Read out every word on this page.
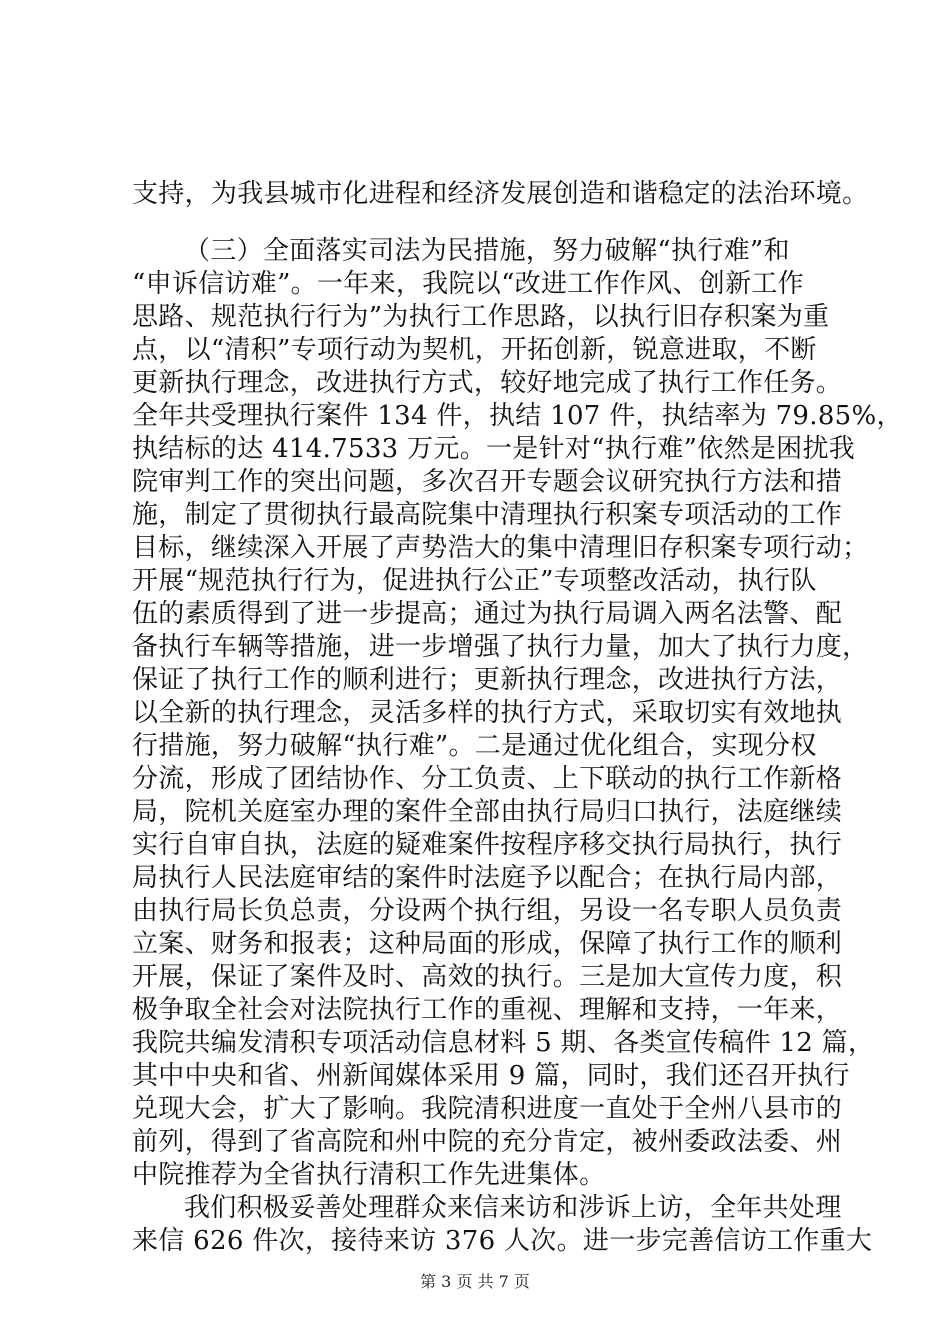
支持，为我县城市化进程和经济发展创造和谐稳定的法治环境。
（三）全面落实司法为民措施，努力破解“执行难”和
“申诉信访难”。一年来，我院以“改进工作作风、创新工作
思路、规范执行行为”为执行工作思路，以执行旧存积案为重
点，以“清积”专项行动为契机，开拓创新，锐意进取，不断
更新执行理念，改进执行方式，较好地完成了执行工作任务。
全年共受理执行案件 134 件，执结 107 件，执结率为 79.85%，
执结标的达 414.7533 万元。一是针对“执行难”依然是困扰我
院审判工作的突出问题，多次召开专题会议研究执行方法和措
施，制定了贯彻执行最高院集中清理执行积案专项活动的工作
目标，继续深入开展了声势浩大的集中清理旧存积案专项行动；
开展“规范执行行为，促进执行公正”专项整改活动，执行队
伍的素质得到了进一步提高；通过为执行局调入两名法警、配
备执行车辆等措施，进一步增强了执行力量，加大了执行力度，
保证了执行工作的顺利进行；更新执行理念，改进执行方法，
以全新的执行理念，灵活多样的执行方式，采取切实有效地执
行措施，努力破解“执行难”。二是通过优化组合，实现分权
分流，形成了团结协作、分工负责、上下联动的执行工作新格
局，院机关庭室办理的案件全部由执行局归口执行，法庭继续
实行自审自执，法庭的疑难案件按程序移交执行局执行，执行
局执行人民法庭审结的案件时法庭予以配合；在执行局内部，
由执行局长负总责，分设两个执行组，另设一名专职人员负责
立案、财务和报表；这种局面的形成，保障了执行工作的顺利
开展，保证了案件及时、高效的执行。三是加大宣传力度，积
极争取全社会对法院执行工作的重视、理解和支持，一年来，
我院共编发清积专项活动信息材料 5 期、各类宣传稿件 12 篇，
其中中央和省、州新闻媒体采用 9 篇，同时，我们还召开执行
兑现大会，扩大了影响。我院清积进度一直处于全州八县市的
前列，得到了省高院和州中院的充分肯定，被州委政法委、州
中院推荐为全省执行清积工作先进集体。
我们积极妥善处理群众来信来访和涉诉上访，全年共处理
来信 626 件次，接待来访 376 人次。进一步完善信访工作重大
第 3 页 共 7 页
